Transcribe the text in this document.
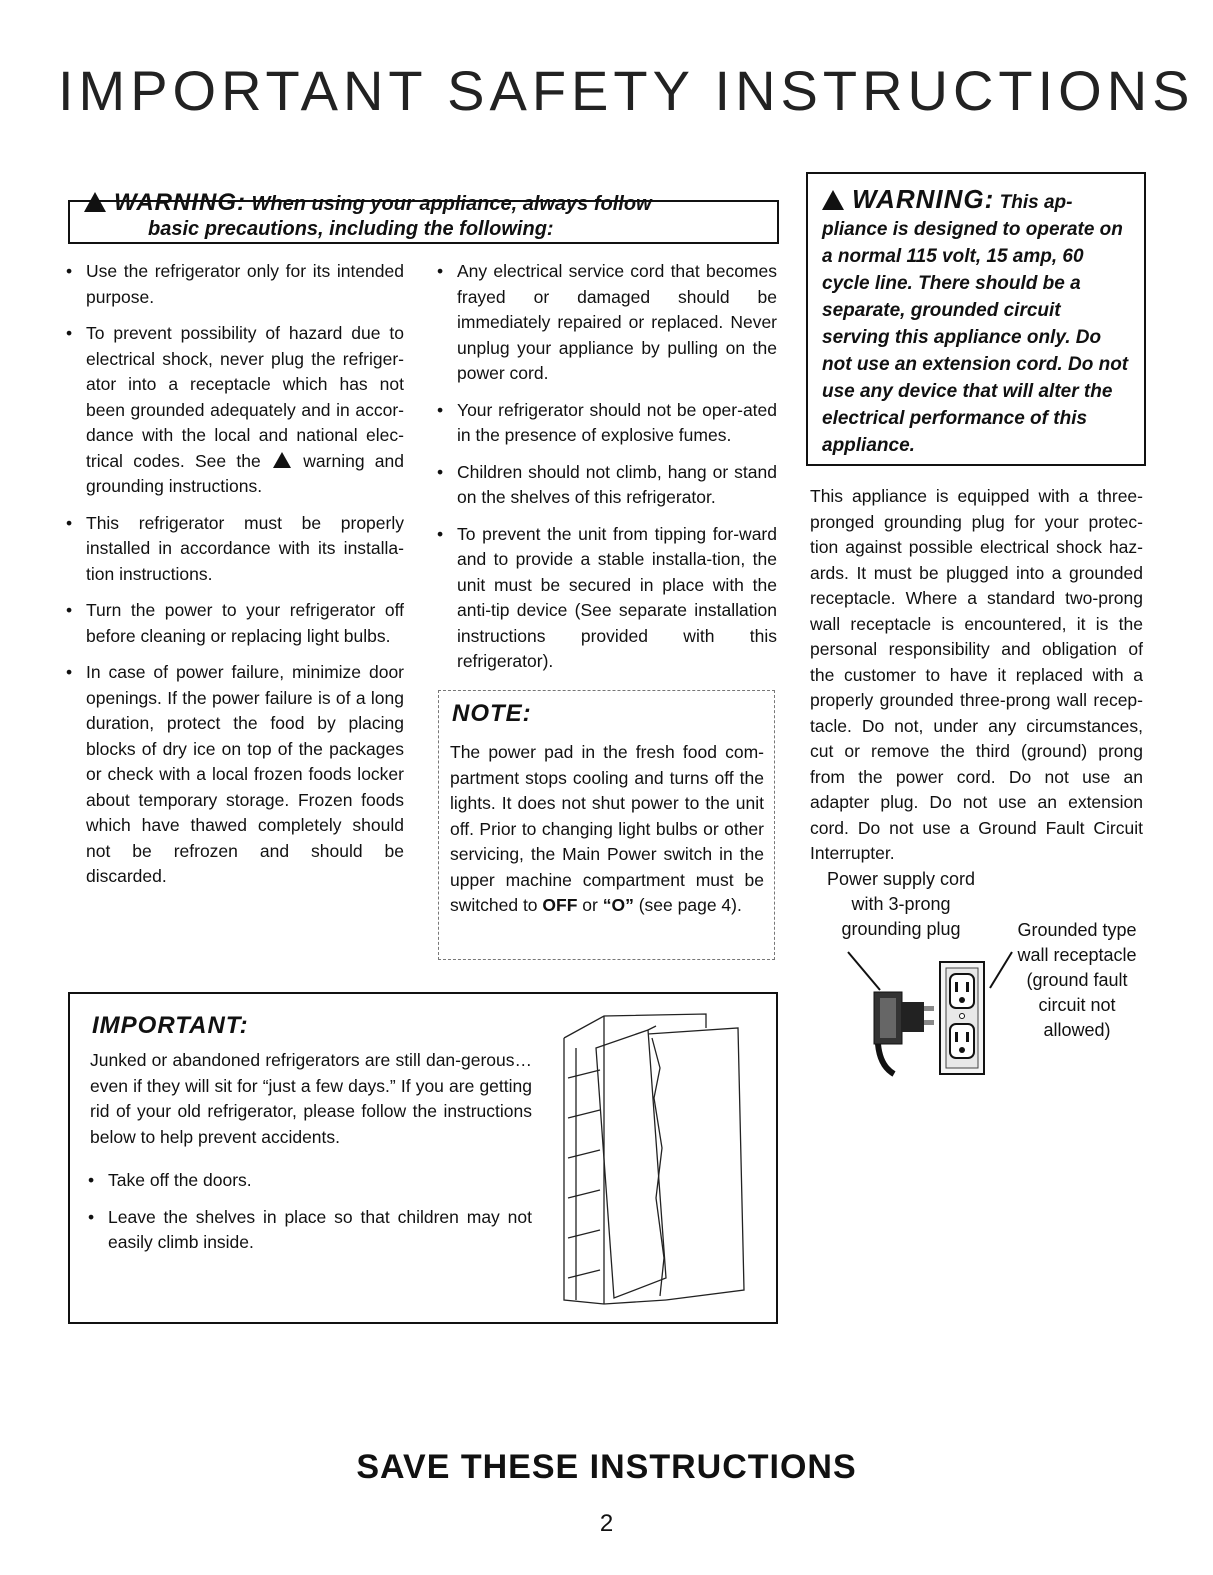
IMPORTANT SAFETY INSTRUCTIONS
WARNING: When using your appliance, always follow
basic precautions, including the following:
• Use the refrigerator only for its intended purpose.
• To prevent possibility of hazard due to electrical shock, never plug the refriger-ator into a receptacle which has not been grounded adequately and in accor-dance with the local and national elec-trical codes. See the warning and grounding instructions.
• This refrigerator must be properly installed in accordance with its installa-tion instructions.
• Turn the power to your refrigerator off before cleaning or replacing light bulbs.
• In case of power failure, minimize door openings. If the power failure is of a long duration, protect the food by placing blocks of dry ice on top of the packages or check with a local frozen foods locker about temporary storage. Frozen foods which have thawed completely should not be refrozen and should be discarded.
• Any electrical service cord that becomes frayed or damaged should be immediately repaired or replaced. Never unplug your appliance by pulling on the power cord.
• Your refrigerator should not be oper-ated in the presence of explosive fumes.
• Children should not climb, hang or stand on the shelves of this refrigerator.
• To prevent the unit from tipping for-ward and to provide a stable installa-tion, the unit must be secured in place with the anti-tip device (See separate installation instructions provided with this refrigerator).
NOTE:
The power pad in the fresh food com-partment stops cooling and turns off the lights. It does not shut power to the unit off. Prior to changing light bulbs or other servicing, the Main Power switch in the upper machine compartment must be switched to OFF or “O” (see page 4).
WARNING: This ap- pliance is designed to operate on a normal 115 volt, 15 amp, 60 cycle line. There should be a separate, grounded circuit serving this appliance only. Do not use an extension cord. Do not use any device that will alter the electrical performance of this appliance.
This appliance is equipped with a three-pronged grounding plug for your protec-tion against possible electrical shock haz-ards. It must be plugged into a grounded receptacle. Where a standard two-prong wall receptacle is encountered, it is the personal responsibility and obligation of the customer to have it replaced with a properly grounded three-prong wall recep-tacle. Do not, under any circumstances, cut or remove the third (ground) prong from the power cord. Do not use an adapter plug. Do not use an extension cord. Do not use a Ground Fault Circuit Interrupter.
Power supply cord
with 3-prong
grounding plug	Grounded type
wall receptacle
(ground fault
circuit not
allowed)
IMPORTANT:
Junked or abandoned refrigerators are still dan-gerous…even if they will sit for “just a few days.” If you are getting rid of your old refrigerator, please follow the instructions below to help prevent accidents.
• Take off the doors.
• Leave the shelves in place so that children may not easily climb inside.
SAVE THESE INSTRUCTIONS
2
